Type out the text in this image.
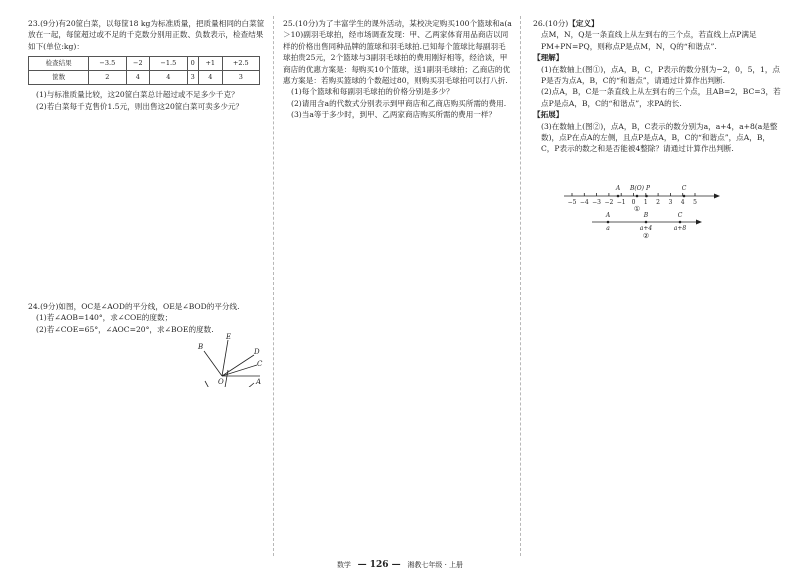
23.(9分)有20筐白菜，以每筐18 kg为标准质量，把质量相同的白菜筐放在一起，每筐超过或不足的千克数分别用正数、负数表示，检查结果如下(单位:kg)：

检查结果	−3.5	−2	−1.5	0	+1	+2.5
筐数	2	4	4	3	4	3

(1)与标准质量比较，这20筐白菜总计超过或不足多少千克？

(2)若白菜每千克售价1.5元，则出售这20筐白菜可卖多少元？

24.(9分)如图，OC是∠AOD的平分线，OE是∠BOD的平分线.

(1)若∠AOB=140°，求∠COE的度数；

(2)若∠COE=65°，∠AOC=20°，求∠BOE的度数.

B
E
D
C
O	A

25.(10分)为了丰富学生的课外活动，某校决定购买100个篮球和a(a＞10)副羽毛球拍，经市场调查发现：甲、乙两家体育用品商店以同样的价格出售同种品牌的篮球和羽毛球拍.已知每个篮球比每副羽毛球拍贵25元，2个篮球与3副羽毛球拍的费用刚好相等，经洽谈，甲商店的优惠方案是：每购买10个篮球，送1副羽毛球拍；乙商店的优惠方案是：若购买篮球的个数超过80，则购买羽毛球拍可以打八折.

(1)每个篮球和每副羽毛球拍的价格分别是多少？

(2)请用含a的代数式分别表示到甲商店和乙商店购买所需的费用.

(3)当a等于多少时，到甲、乙两家商店购买所需的费用一样？

26.(10分)【定义】

点M，N，Q是一条直线上从左到右的三个点，若直线上点P满足PM+PN=PQ，则称点P是点M，N，Q的“和谐点”.

【理解】

(1)在数轴上(图①)，点A，B，C，P表示的数分别为−2，0，5，1，点P是否为点A，B，C的“和谐点”，请通过计算作出判断.

(2)点A，B，C是一条直线上从左到右的三个点，且AB=2，BC=3，若点P是点A，B，C的“和谐点”，求PA的长.

【拓展】

(3)在数轴上(图②)，点A，B，C表示的数分别为a，a+4，a+8(a是整数)，点P在点A的左侧，且点P是点A，B，C的“和谐点”，点A，B，C，P表示的数之和是否能被4整除？请通过计算作出判断.

−5 −4 −3 −2 −1 0 1 2 3 4 5
A B(O) P	C
A	B	C
a	a+4	a+8
①
②
数学 — 126 — 湘教七年级 · 上册
